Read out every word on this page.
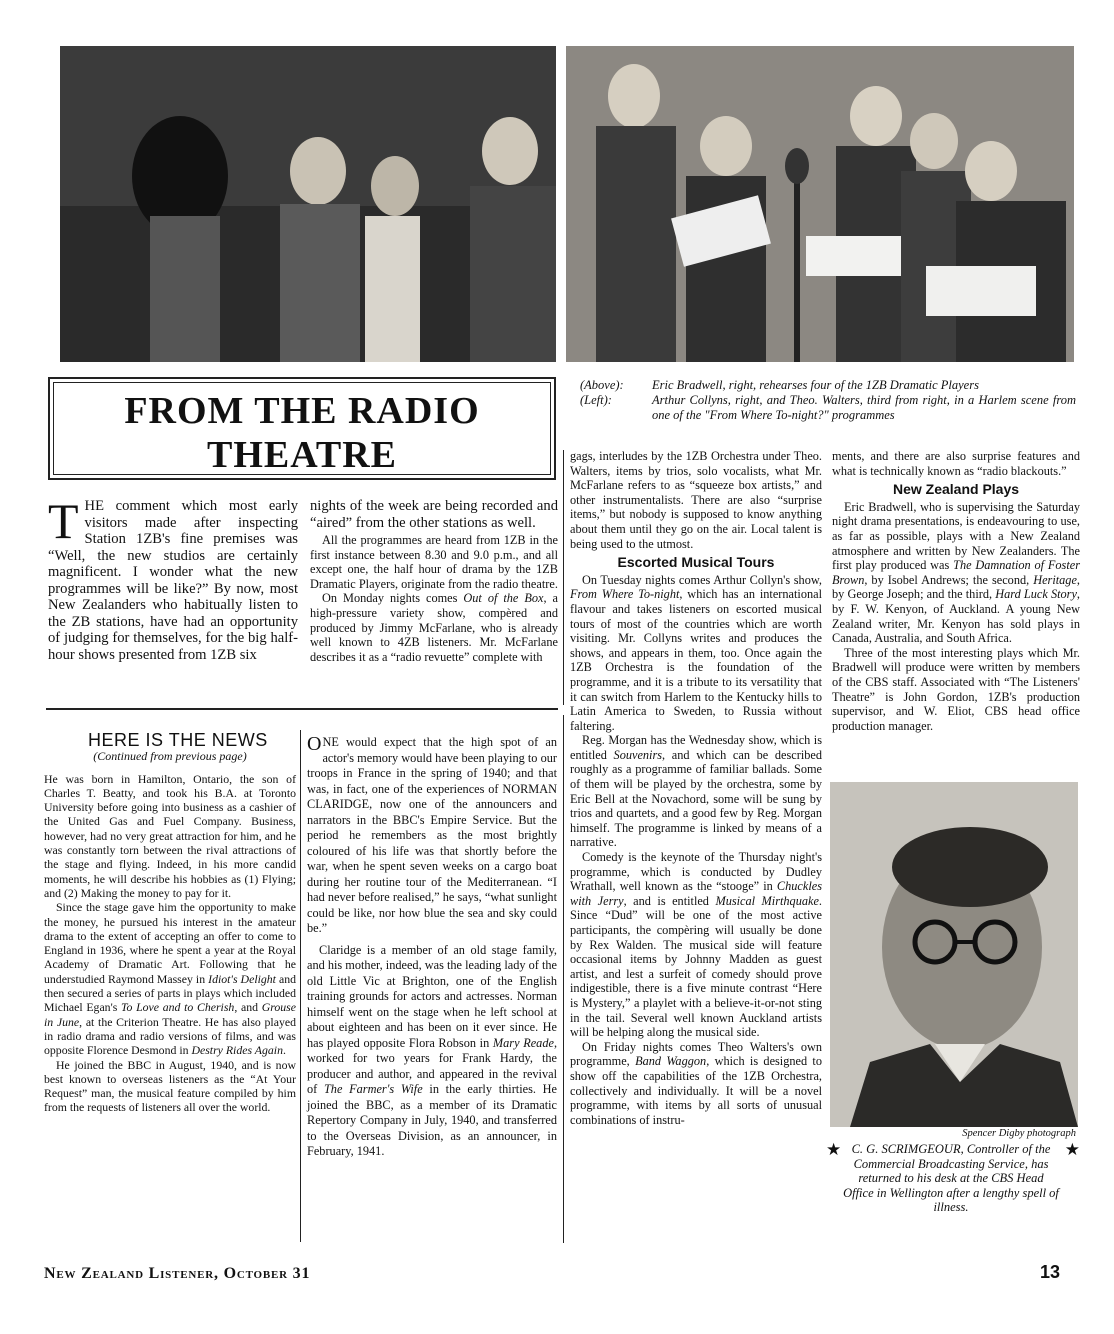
FROM THE RADIO THEATRE
(Above):	Eric Bradwell, right, rehearses four of the 1ZB Dramatic Players
(Left):	Arthur Collyns, right, and Theo. Walters, third from right, in a Harlem scene from one of the "From Where To-night?" programmes

THE comment which most early visitors made after inspecting Station 1ZB's fine premises was “Well, the new studios are certainly magnificent. I wonder what the new programmes will be like?” By now, most New Zealanders who habitually listen to the ZB stations, have had an opportunity of judging for themselves, for the big half-hour shows presented from 1ZB six

nights of the week are being recorded and “aired” from the other stations as well.

All the programmes are heard from 1ZB in the first instance between 8.30 and 9.0 p.m., and all except one, the half hour of drama by the 1ZB Dramatic Players, originate from the radio theatre.

On Monday nights comes Out of the Box, a high-pressure variety show, compèred and produced by Jimmy McFarlane, who is already well known to 4ZB listeners. Mr. McFarlane describes it as a “radio revuette” complete with

gags, interludes by the 1ZB Orchestra under Theo. Walters, items by trios, solo vocalists, what Mr. McFarlane refers to as “squeeze box artists,” and other instrumentalists. There are also “surprise items,” but nobody is supposed to know anything about them until they go on the air. Local talent is being used to the utmost.

Escorted Musical Tours

On Tuesday nights comes Arthur Collyn's show, From Where To-night, which has an international flavour and takes listeners on escorted musical tours of most of the countries which are worth visiting. Mr. Collyns writes and produces the shows, and appears in them, too. Once again the 1ZB Orchestra is the foundation of the programme, and it is a tribute to its versatility that it can switch from Harlem to the Kentucky hills to Latin America to Sweden, to Russia without faltering.

Reg. Morgan has the Wednesday show, which is entitled Souvenirs, and which can be described roughly as a programme of familiar ballads. Some of them will be played by the orchestra, some by Eric Bell at the Novachord, some will be sung by trios and quartets, and a good few by Reg. Morgan himself. The programme is linked by means of a narrative.

Comedy is the keynote of the Thursday night's programme, which is conducted by Dudley Wrathall, well known as the “stooge” in Chuckles with Jerry, and is entitled Musical Mirthquake. Since “Dud” will be one of the most active participants, the compèring will usually be done by Rex Walden. The musical side will feature occasional items by Johnny Madden as guest artist, and lest a surfeit of comedy should prove indigestible, there is a five minute contrast “Here is Mystery,” a playlet with a believe-it-or-not sting in the tail. Several well known Auckland artists will be helping along the musical side.

On Friday nights comes Theo Walters's own programme, Band Waggon, which is designed to show off the capabilities of the 1ZB Orchestra, collectively and individually. It will be a novel programme, with items by all sorts of unusual combinations of instru-

ments, and there are also surprise features and what is technically known as “radio blackouts.”

New Zealand Plays

Eric Bradwell, who is supervising the Saturday night drama presentations, is endeavouring to use, as far as possible, plays with a New Zealand atmosphere and written by New Zealanders. The first play produced was The Damnation of Foster Brown, by Isobel Andrews; the second, Heritage, by George Joseph; and the third, Hard Luck Story, by F. W. Kenyon, of Auckland. A young New Zealand writer, Mr. Kenyon has sold plays in Canada, Australia, and South Africa.

Three of the most interesting plays which Mr. Bradwell will produce were written by members of the CBS staff. Associated with “The Listeners' Theatre” is John Gordon, 1ZB's production supervisor, and W. Eliot, CBS head office production manager.

HERE IS THE NEWS
(Continued from previous page)

He was born in Hamilton, Ontario, the son of Charles T. Beatty, and took his B.A. at Toronto University before going into business as a cashier of the United Gas and Fuel Company. Business, however, had no very great attraction for him, and he was constantly torn between the rival attractions of the stage and flying. Indeed, in his more candid moments, he will describe his hobbies as (1) Flying; and (2) Making the money to pay for it.

Since the stage gave him the opportunity to make the money, he pursued his interest in the amateur drama to the extent of accepting an offer to come to England in 1936, where he spent a year at the Royal Academy of Dramatic Art. Following that he understudied Raymond Massey in Idiot's Delight and then secured a series of parts in plays which included Michael Egan's To Love and to Cherish, and Grouse in June, at the Criterion Theatre. He has also played in radio drama and radio versions of films, and was opposite Florence Desmond in Destry Rides Again.

He joined the BBC in August, 1940, and is now best known to overseas listeners as the “At Your Request” man, the musical feature compiled by him from the requests of listeners all over the world.

ONE would expect that the high spot of an actor's memory would have been playing to our troops in France in the spring of 1940; and that was, in fact, one of the experiences of NORMAN CLARIDGE, now one of the announcers and narrators in the BBC's Empire Service. But the period he remembers as the most brightly coloured of his life was that shortly before the war, when he spent seven weeks on a cargo boat during her routine tour of the Mediterranean. “I had never before realised,” he says, “what sunlight could be like, nor how blue the sea and sky could be.”

Claridge is a member of an old stage family, and his mother, indeed, was the leading lady of the old Little Vic at Brighton, one of the English training grounds for actors and actresses. Norman himself went on the stage when he left school at about eighteen and has been on it ever since. He has played opposite Flora Robson in Mary Reade, worked for two years for Frank Hardy, the producer and author, and appeared in the revival of The Farmer's Wife in the early thirties. He joined the BBC, as a member of its Dramatic Repertory Company in July, 1940, and transferred to the Overseas Division, as an announcer, in February, 1941.

Spencer Digby photograph
★	★
C. G. SCRIMGEOUR, Controller of the Commercial Broadcasting Service, has returned to his desk at the CBS Head Office in Wellington after a lengthy spell of illness.
New Zealand Listener, October 31	13
